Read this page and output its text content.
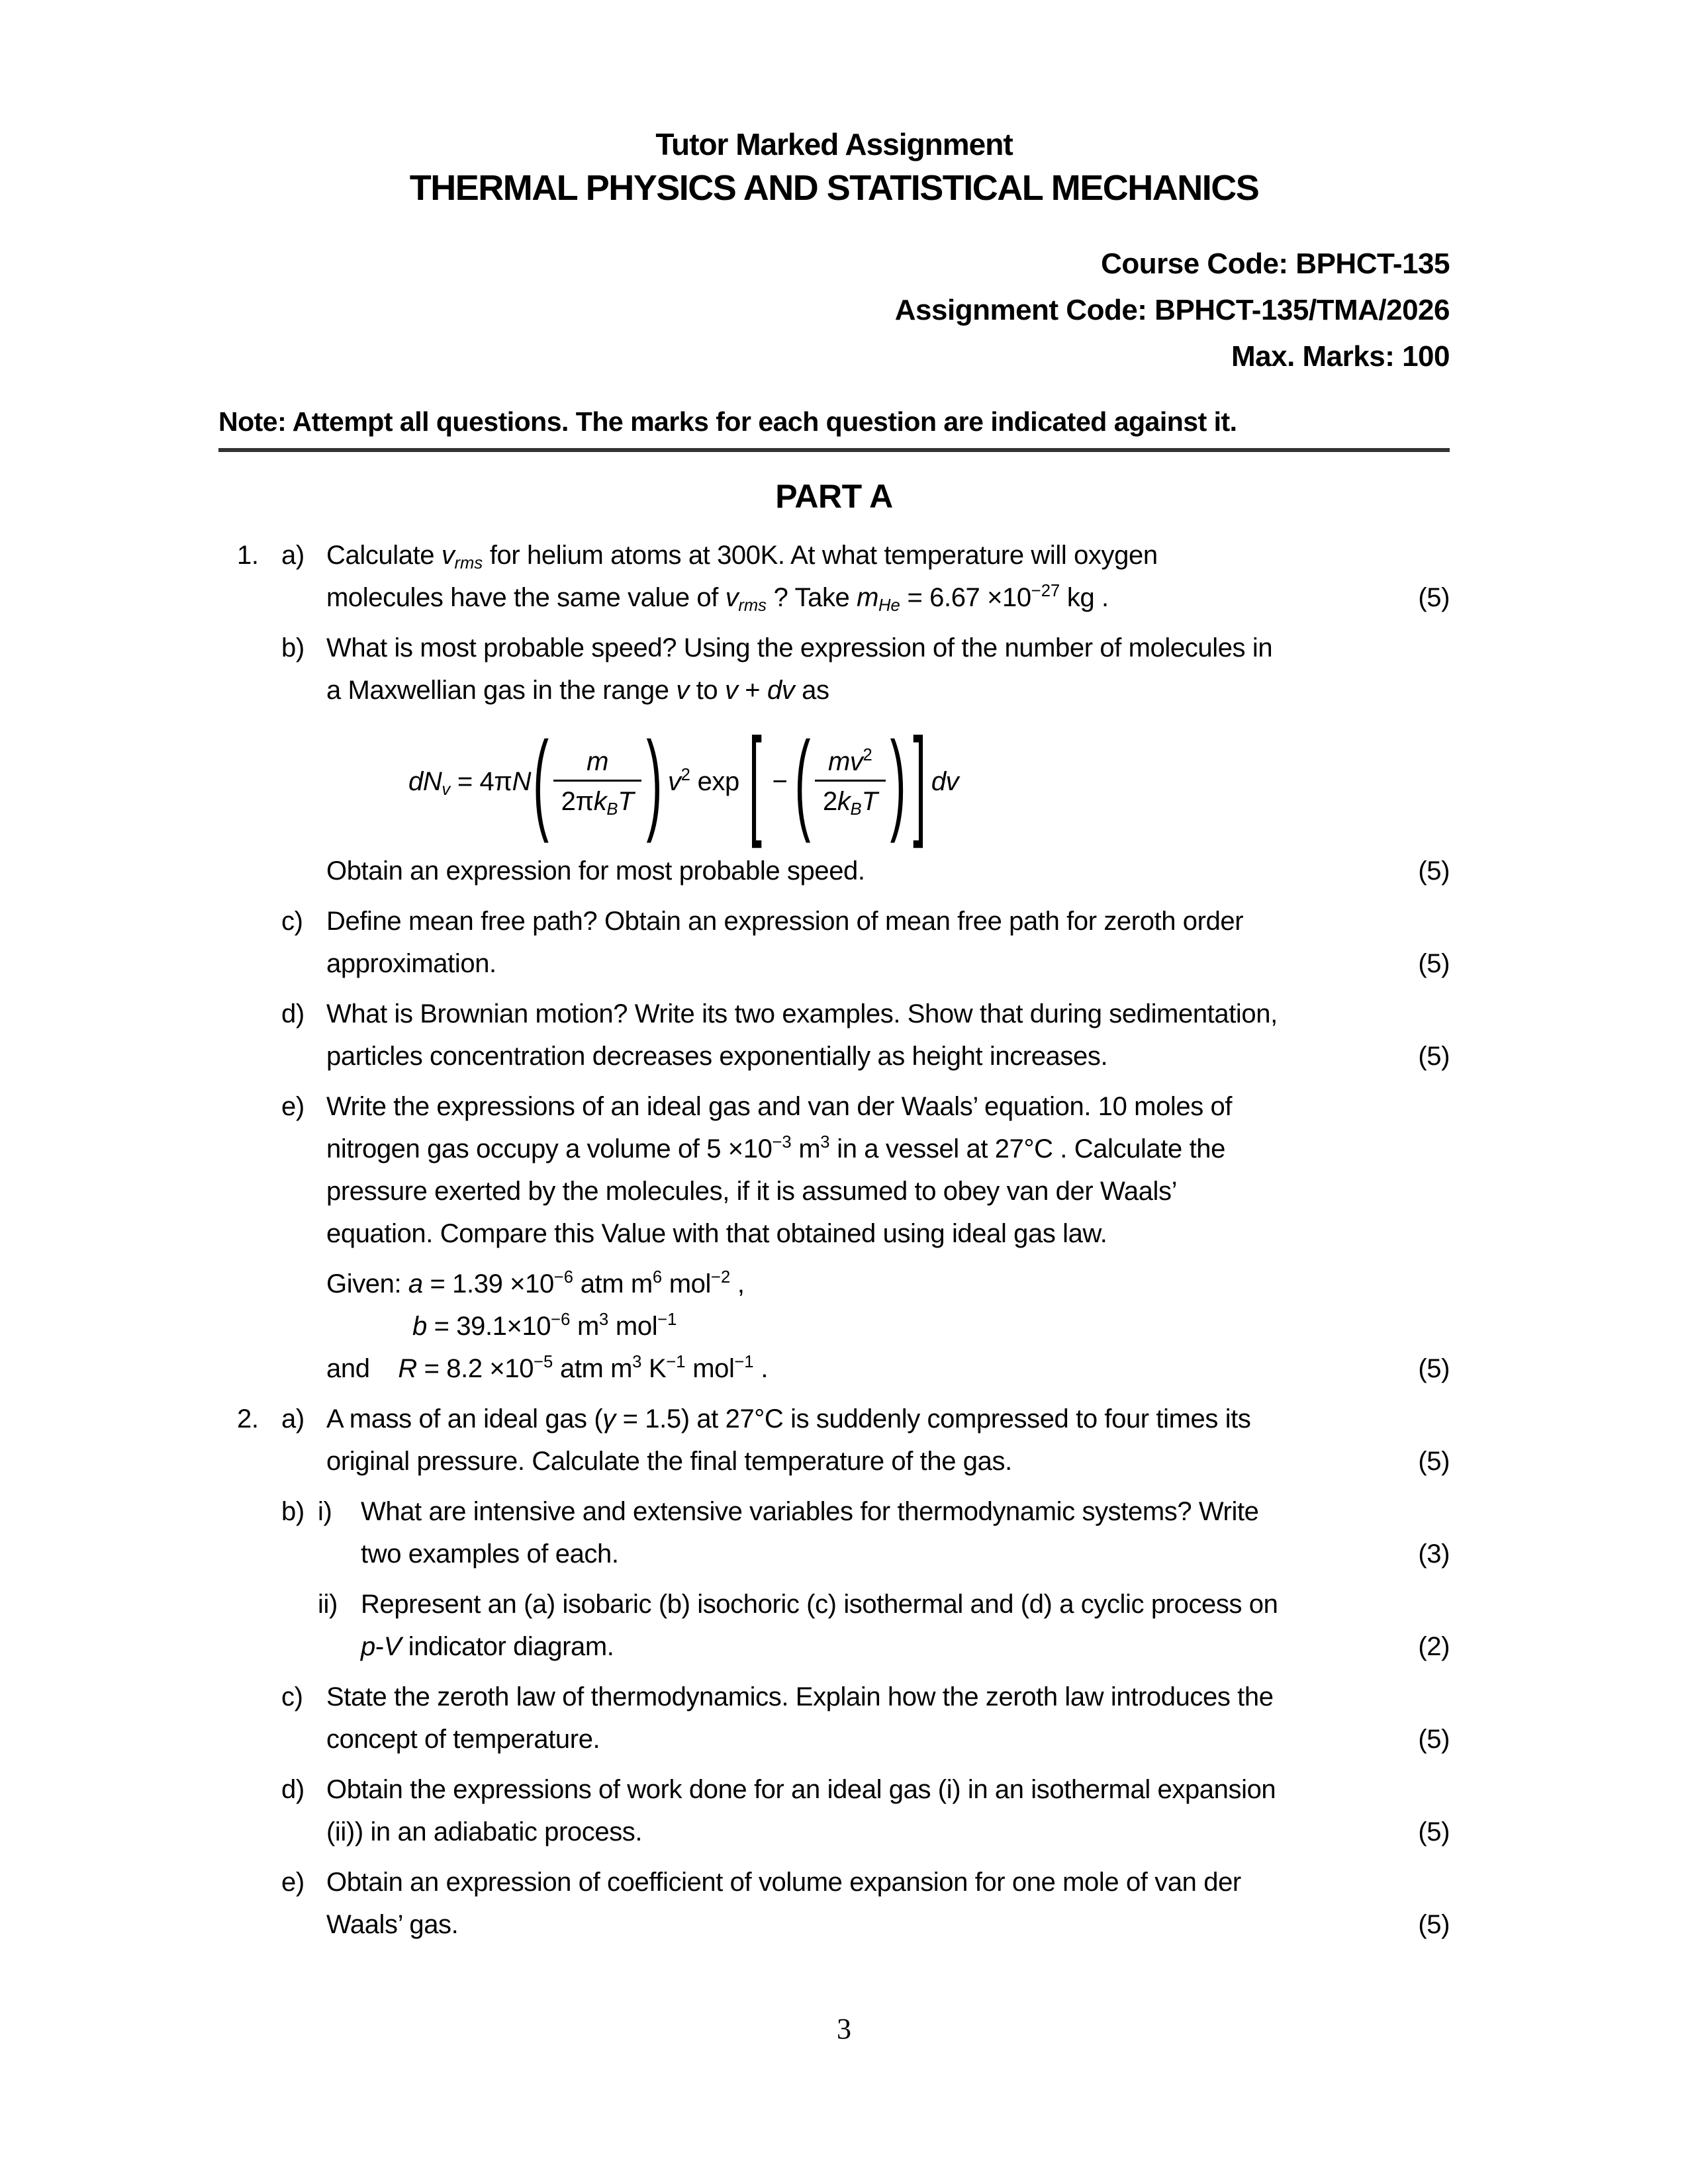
Tutor Marked Assignment
THERMAL PHYSICS AND STATISTICAL MECHANICS
Course Code: BPHCT-135
Assignment Code: BPHCT-135/TMA/2026
Max. Marks: 100
Note: Attempt all questions. The marks for each question are indicated against it.
PART A
1. a) Calculate $v_{rms}$ for helium atoms at 300K. At what temperature will oxygen
molecules have the same value of $v_{rms}$ ? Take $m_{He} = 6.67 \times 10^{-27}$ kg .	(5)
b) What is most probable speed? Using the expression of the number of molecules in
a Maxwellian gas in the range v to v + dv as
$dN_v = 4\pi N$ ( $\frac{m}{2\pi k_BT}$ ) $v^2$ exp [ − ( $\frac{mv^2}{2k_BT}$ ) ] dv
Obtain an expression for most probable speed.	(5)
c) Define mean free path? Obtain an expression of mean free path for zeroth order
approximation.	(5)
d) What is Brownian motion? Write its two examples. Show that during sedimentation,
particles concentration decreases exponentially as height increases.	(5)
e) Write the expressions of an ideal gas and van der Waals’ equation. 10 moles of
nitrogen gas occupy a volume of $5 \times 10^{-3}$ $m^3$ in a vessel at 27°C . Calculate the
pressure exerted by the molecules, if it is assumed to obey van der Waals’
equation. Compare this Value with that obtained using ideal gas law.
Given: $a = 1.39 \times 10^{-6}$ atm $m^6$ mol$^{-2}$ ,
$b = 39.1\times 10^{-6}$ $m^3$ mol$^{-1}$
and    $R = 8.2 \times 10^{-5}$ atm $m^3$ $K^{-1}$ mol$^{-1}$ .	(5)
2. a) A mass of an ideal gas (γ = 1.5) at 27°C is suddenly compressed to four times its
original pressure. Calculate the final temperature of the gas.	(5)
b) i) What are intensive and extensive variables for thermodynamic systems? Write
two examples of each.	(3)
ii) Represent an (a) isobaric (b) isochoric (c) isothermal and (d) a cyclic process on
p-V indicator diagram.	(2)
c) State the zeroth law of thermodynamics. Explain how the zeroth law introduces the
concept of temperature.	(5)
d) Obtain the expressions of work done for an ideal gas (i) in an isothermal expansion
(ii)) in an adiabatic process.	(5)
e) Obtain an expression of coefficient of volume expansion for one mole of van der
Waals’ gas.	(5)
3
